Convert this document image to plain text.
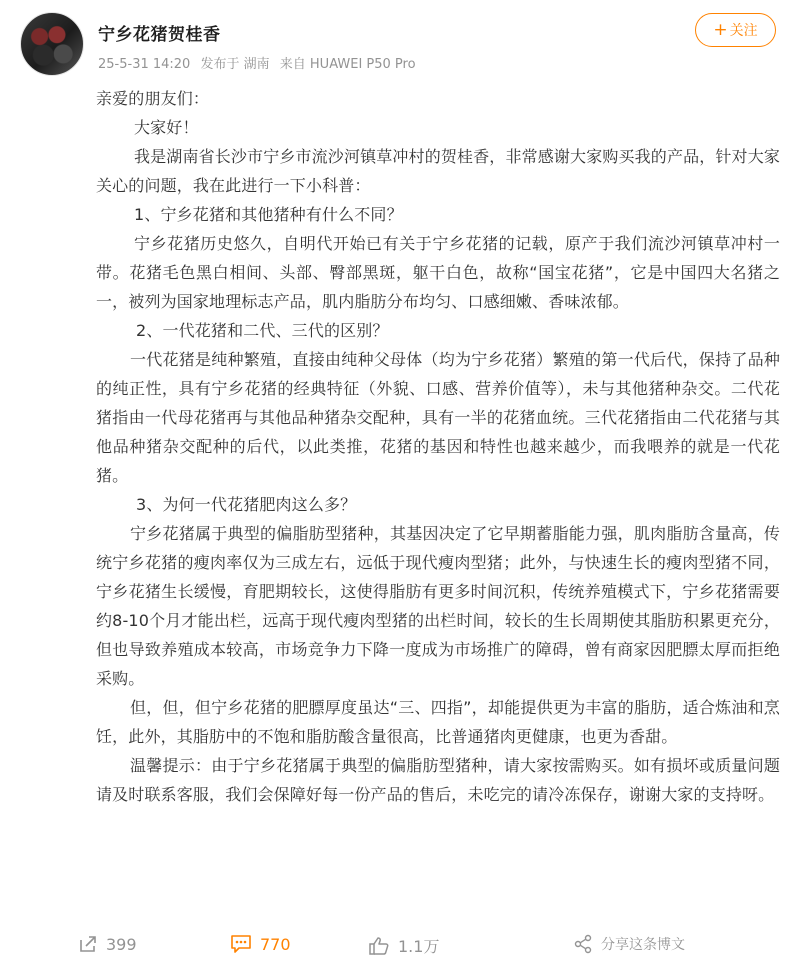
宁乡花猪贺桂香
25-5-31 14:20 发布于 湖南 来自 HUAWEI P50 Pro
+ 关注

亲爱的朋友们：

大家好！

我是湖南省长沙市宁乡市流沙河镇草冲村的贺桂香，非常感谢大家购买我的产品，针对大家关心的问题，我在此进行一下小科普：

1、宁乡花猪和其他猪种有什么不同？

宁乡花猪历史悠久，自明代开始已有关于宁乡花猪的记载，原产于我们流沙河镇草冲村一带。花猪毛色黑白相间、头部、臀部黑斑，躯干白色，故称“国宝花猪”，它是中国四大名猪之一，被列为国家地理标志产品，肌内脂肪分布均匀、口感细嫩、香味浓郁。

2、一代花猪和二代、三代的区别？

一代花猪是纯种繁殖，直接由纯种父母体（均为宁乡花猪）繁殖的第一代后代，保持了品种的纯正性，具有宁乡花猪的经典特征（外貌、口感、营养价值等），未与其他猪种杂交。二代花猪指由一代母花猪再与其他品种猪杂交配种，具有一半的花猪血统。三代花猪指由二代花猪与其他品种猪杂交配种的后代，以此类推，花猪的基因和特性也越来越少，而我喂养的就是一代花猪。

3、为何一代花猪肥肉这么多？

宁乡花猪属于典型的偏脂肪型猪种，其基因决定了它早期蓄脂能力强，肌肉脂肪含量高，传统宁乡花猪的瘦肉率仅为三成左右，远低于现代瘦肉型猪；此外，与快速生长的瘦肉型猪不同，宁乡花猪生长缓慢，育肥期较长，这使得脂肪有更多时间沉积，传统养殖模式下，宁乡花猪需要约8-10个月才能出栏，远高于现代瘦肉型猪的出栏时间，较长的生长周期使其脂肪积累更充分，但也导致养殖成本较高，市场竞争力下降一度成为市场推广的障碍，曾有商家因肥膘太厚而拒绝采购。

但，但，但宁乡花猪的肥膘厚度虽达“三、四指”，却能提供更为丰富的脂肪，适合炼油和烹饪，此外，其脂肪中的不饱和脂肪酸含量很高，比普通猪肉更健康，也更为香甜。

温馨提示：由于宁乡花猪属于典型的偏脂肪型猪种，请大家按需购买。如有损坏或质量问题请及时联系客服，我们会保障好每一份产品的售后，未吃完的请冷冻保存，谢谢大家的支持呀。

399	770	1.1万	分享这条博文
